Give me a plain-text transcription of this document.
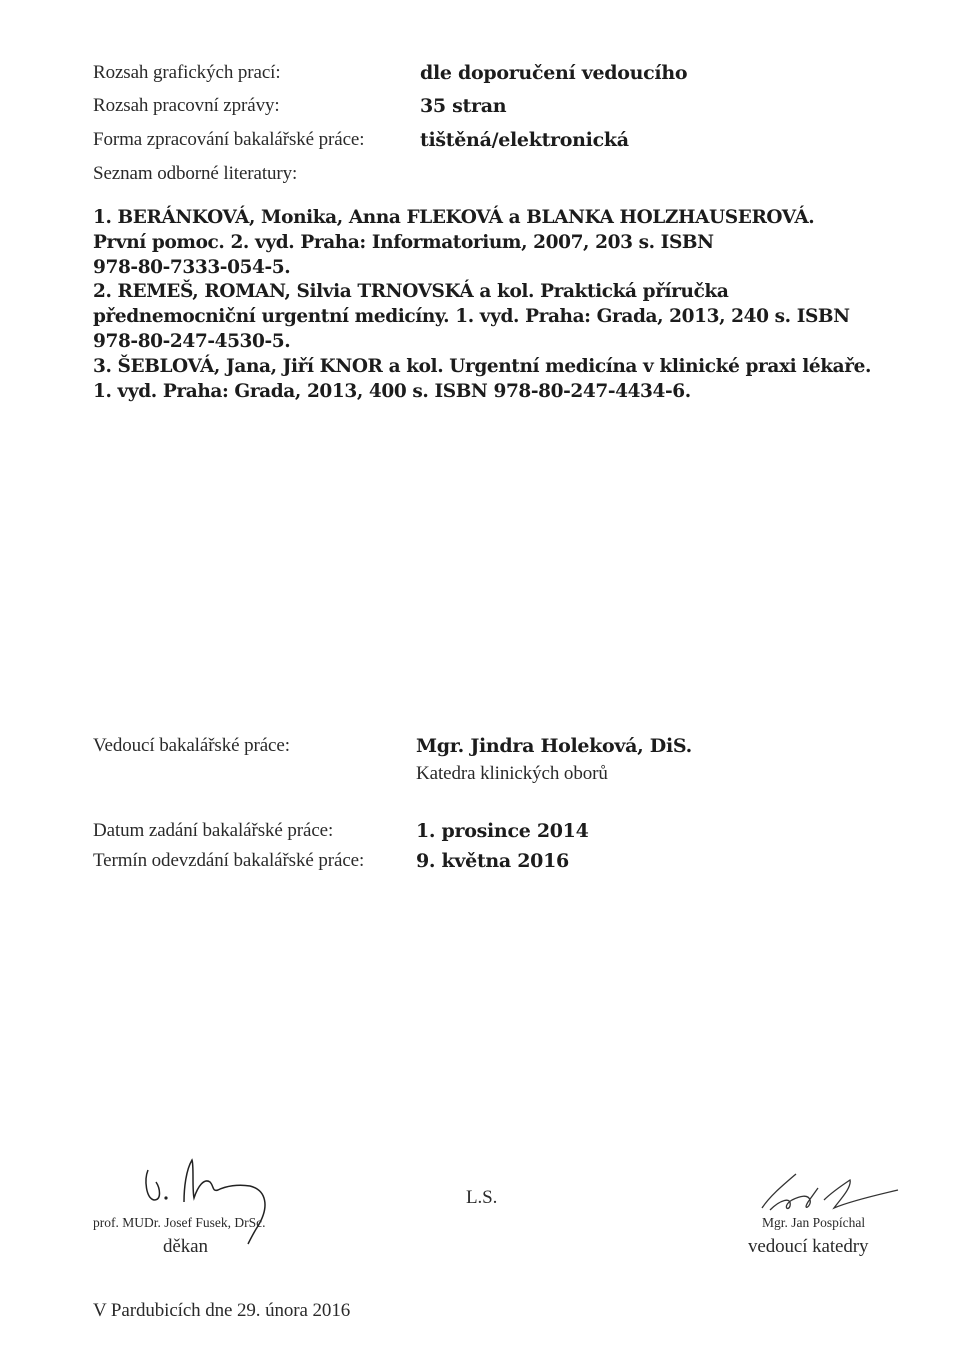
Rozsah grafických prací:	dle doporučení vedoucího
Rozsah pracovní zprávy:	35 stran
Forma zpracování bakalářské práce:	tištěná/elektronická
Seznam odborné literatury:
1. BERÁNKOVÁ, Monika, Anna FLEKOVÁ a BLANKA HOLZHAUSEROVÁ.
První pomoc. 2. vyd. Praha: Informatorium, 2007, 203 s. ISBN
978-80-7333-054-5.
2. REMEŠ, ROMAN, Silvia TRNOVSKÁ a kol. Praktická příručka
přednemocniční urgentní medicíny. 1. vyd. Praha: Grada, 2013, 240 s. ISBN
978-80-247-4530-5.
3. ŠEBLOVÁ, Jana, Jiří KNOR a kol. Urgentní medicína v klinické praxi lékaře.
1. vyd. Praha: Grada, 2013, 400 s. ISBN 978-80-247-4434-6.
Vedoucí bakalářské práce:	Mgr. Jindra Holeková, DiS.
Katedra klinických oborů
Datum zadání bakalářské práce:	1. prosince 2014
Termín odevzdání bakalářské práce:	9. května 2016
prof. MUDr. Josef Fusek, DrSc.
děkan
L.S.
Mgr. Jan Pospíchal
vedoucí katedry
V Pardubicích dne 29. února 2016
